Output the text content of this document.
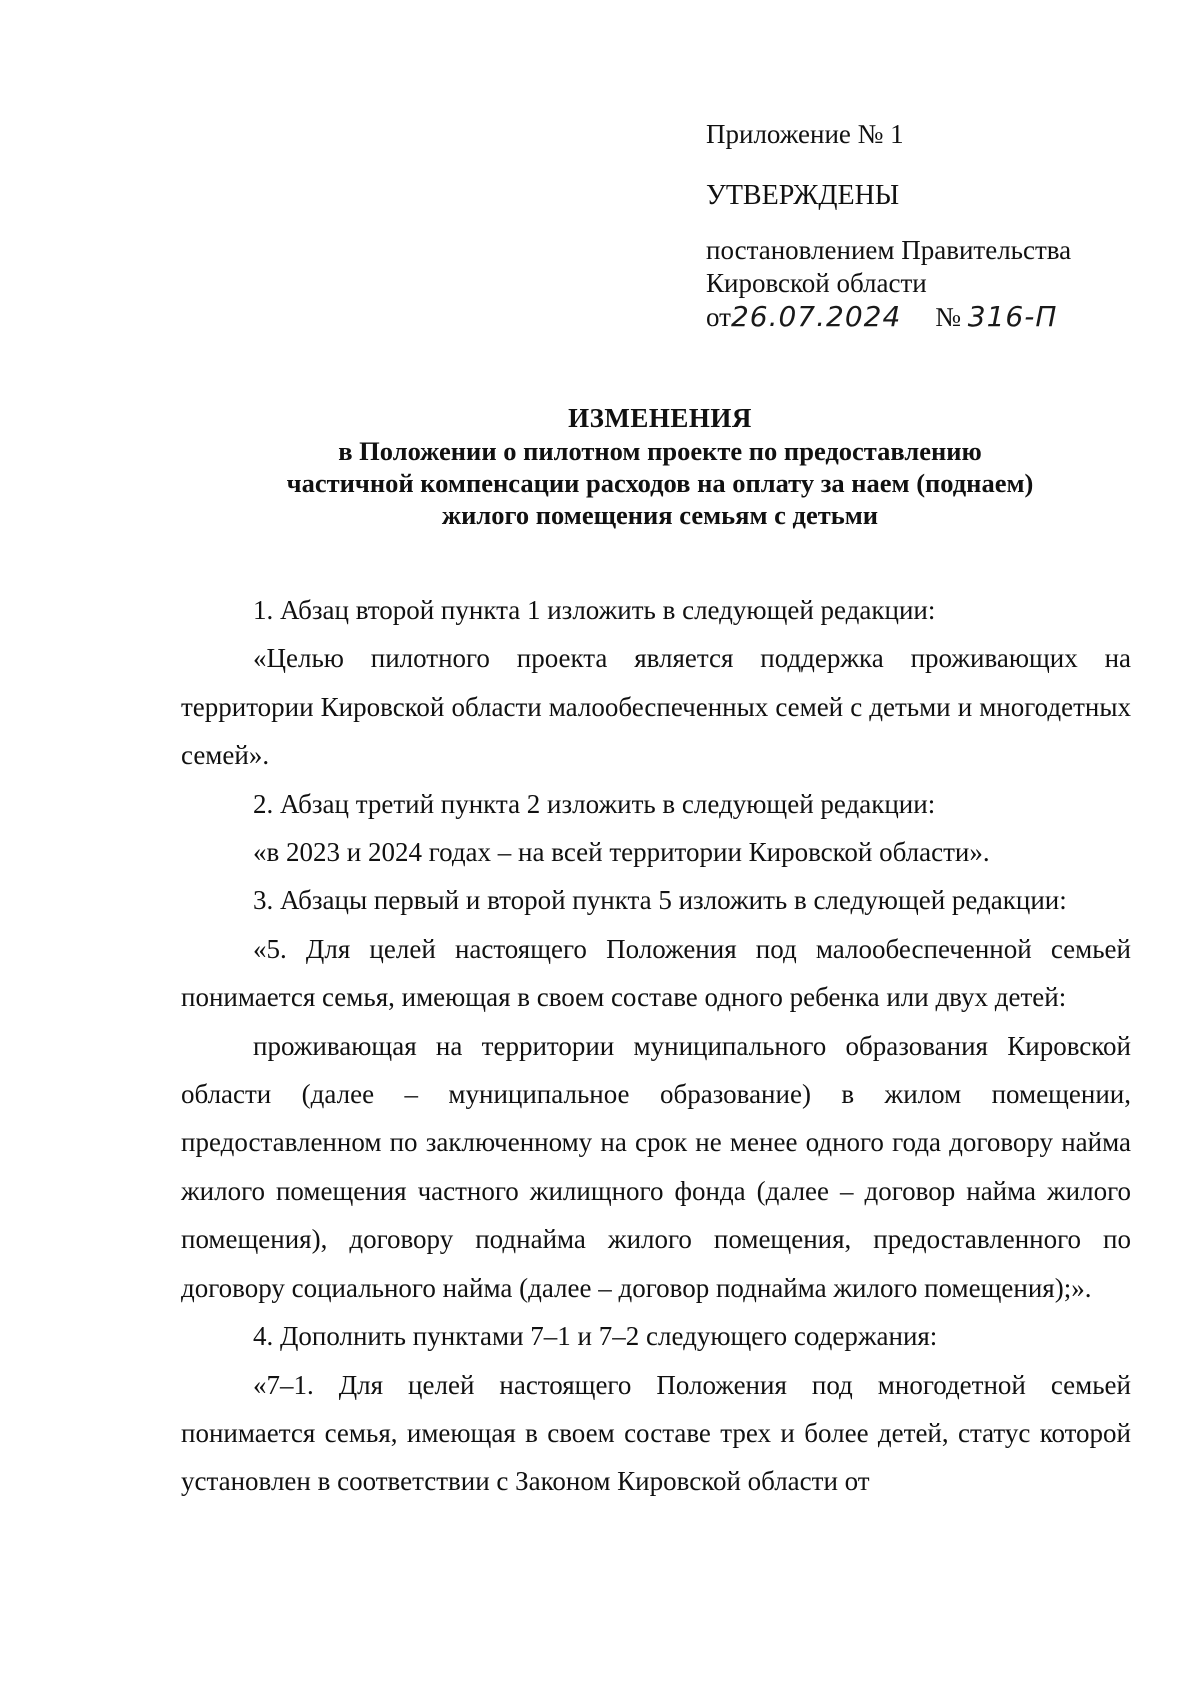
Приложение № 1
УТВЕРЖДЕНЫ
постановлением Правительства
Кировской области
от26.07.2024 № 316-П
ИЗМЕНЕНИЯ
в Положении о пилотном проекте по предоставлению
частичной компенсации расходов на оплату за наем (поднаем)
жилого помещения семьям с детьми

1. Абзац второй пункта 1 изложить в следующей редакции:

«Целью пилотного проекта является поддержка проживающих на территории Кировской области малообеспеченных семей с детьми и многодетных семей».

2. Абзац третий пункта 2 изложить в следующей редакции:

«в 2023 и 2024 годах – на всей территории Кировской области».

3. Абзацы первый и второй пункта 5 изложить в следующей редакции:

«5. Для целей настоящего Положения под малообеспеченной семьей понимается семья, имеющая в своем составе одного ребенка или двух детей:

проживающая на территории муниципального образования Кировской области (далее – муниципальное образование) в жилом помещении, предоставленном по заключенному на срок не менее одного года договору найма жилого помещения частного жилищного фонда (далее – договор найма жилого помещения), договору поднайма жилого помещения, предоставленного по договору социального найма (далее – договор поднайма жилого помещения);».

4. Дополнить пунктами 7–1 и 7–2 следующего содержания:

«7–1. Для целей настоящего Положения под многодетной семьей понимается семья, имеющая в своем составе трех и более детей, статус которой установлен в соответствии с Законом Кировской области от
